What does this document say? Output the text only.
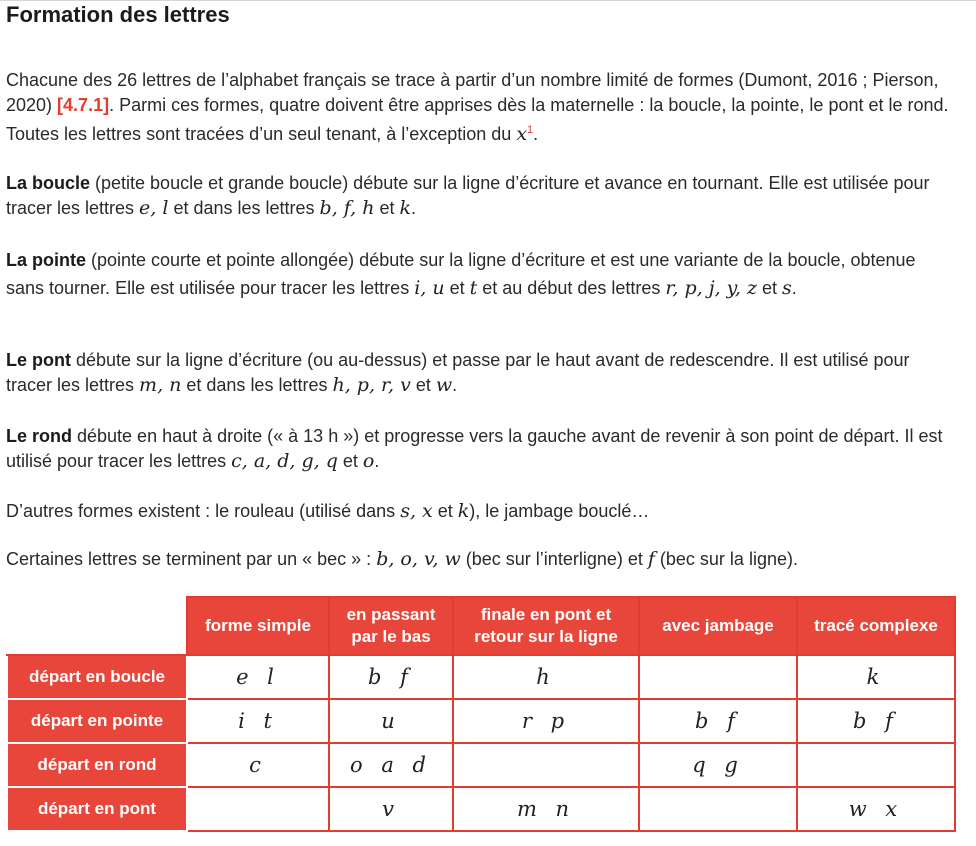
Formation des lettres

Chacune des 26 lettres de l’alphabet français se trace à partir d’un nombre limité de formes (Dumont, 2016 ; Pierson, 2020) [4.7.1]. Parmi ces formes, quatre doivent être apprises dès la maternelle : la boucle, la pointe, le pont et le rond. Toutes les lettres sont tracées d’un seul tenant, à l’exception du x$^1$.

La boucle (petite boucle et grande boucle) débute sur la ligne d’écriture et avance en tournant. Elle est utilisée pour tracer les lettres e, l et dans les lettres b, f, h et k.

La pointe (pointe courte et pointe allongée) débute sur la ligne d’écriture et est une variante de la boucle, obtenue sans tourner. Elle est utilisée pour tracer les lettres i, u et t et au début des lettres r, p, j, y, z et s.

Le pont débute sur la ligne d’écriture (ou au-dessus) et passe par le haut avant de redescendre. Il est utilisé pour tracer les lettres m, n et dans les lettres h, p, r, v et w.

Le rond débute en haut à droite (« à 13 h ») et progresse vers la gauche avant de revenir à son point de départ. Il est utilisé pour tracer les lettres c, a, d, g, q et o.

D’autres formes existent : le rouleau (utilisé dans s, x et k), le jambage bouclé…

Certaines lettres se terminent par un « bec » : b, o, v, w (bec sur l’interligne) et f (bec sur la ligne).

	forme simple	en passant par le bas	finale en pont et retour sur la ligne	avec jambage	tracé complexe
départ en boucle	e l	b f	h		k
départ en pointe	i t	u	r p	b f	b f
départ en rond	c	o a d		q g	
départ en pont		v	m n		w x
